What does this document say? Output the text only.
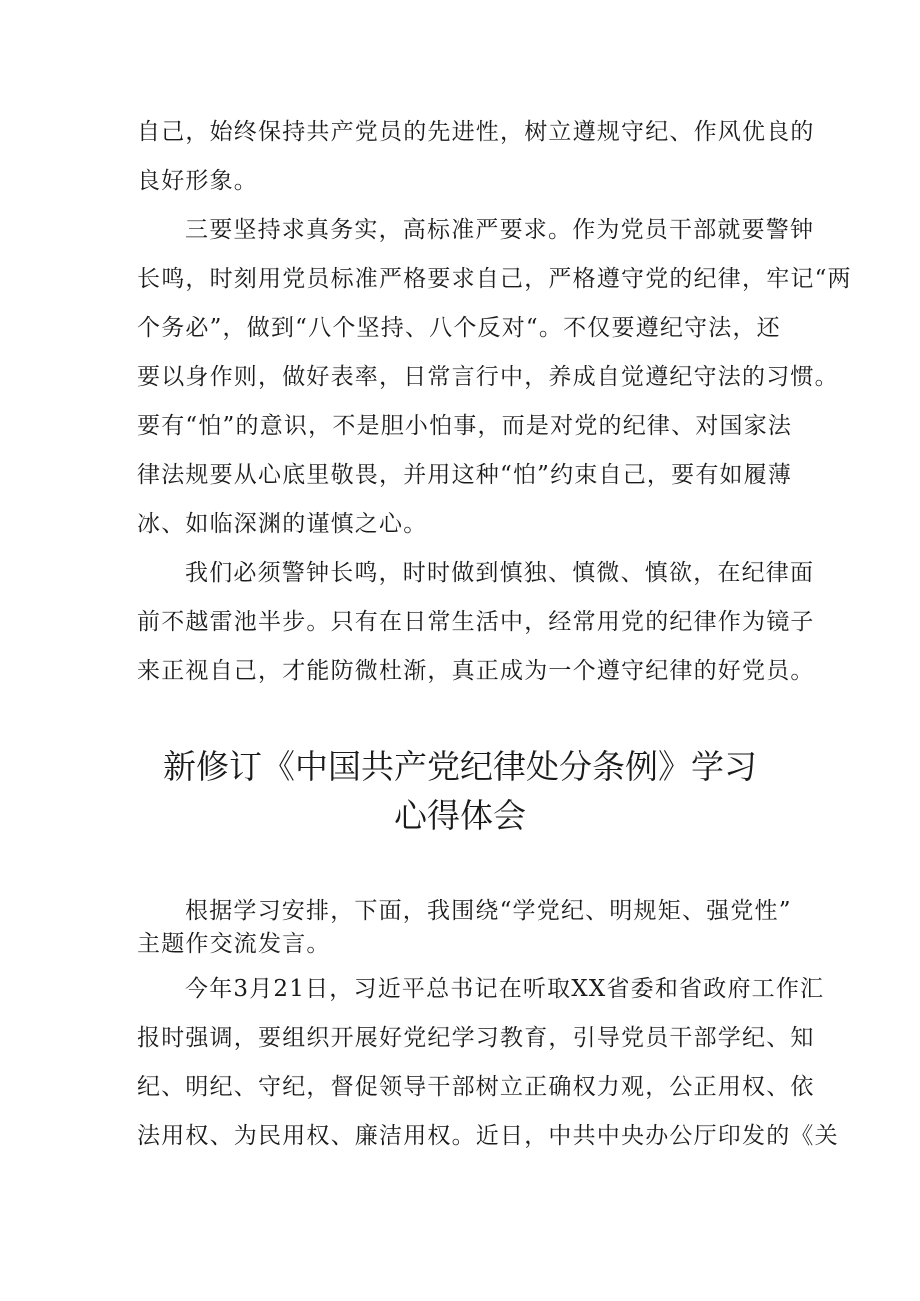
自己，始终保持共产党员的先进性，树立遵规守纪、作风优良的

良好形象。

三要坚持求真务实，高标准严要求。作为党员干部就要警钟

长鸣，时刻用党员标准严格要求自己，严格遵守党的纪律，牢记“两

个务必”，做到“八个坚持、八个反对“。不仅要遵纪守法，还

要以身作则，做好表率，日常言行中，养成自觉遵纪守法的习惯。

要有“怕”的意识，不是胆小怕事，而是对党的纪律、对国家法

律法规要从心底里敬畏，并用这种“怕”约束自己，要有如履薄

冰、如临深渊的谨慎之心。

我们必须警钟长鸣，时时做到慎独、慎微、慎欲，在纪律面

前不越雷池半步。只有在日常生活中，经常用党的纪律作为镜子

来正视自己，才能防微杜渐，真正成为一个遵守纪律的好党员。

新修订《中国共产党纪律处分条例》学习
心得体会

根据学习安排，下面，我围绕“学党纪、明规矩、强党性”

主题作交流发言。

今年3月21日，习近平总书记在听取XX省委和省政府工作汇

报时强调，要组织开展好党纪学习教育，引导党员干部学纪、知

纪、明纪、守纪，督促领导干部树立正确权力观，公正用权、依

法用权、为民用权、廉洁用权。近日，中共中央办公厅印发的《关
